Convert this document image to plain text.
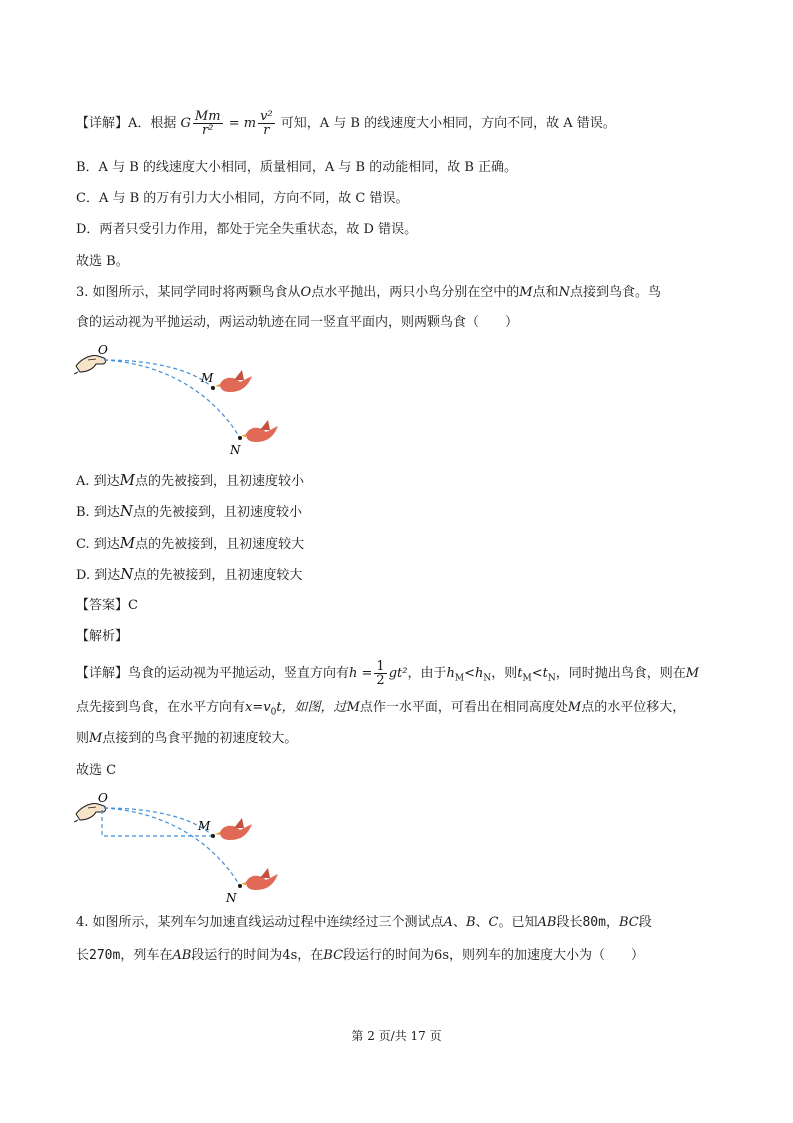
【详解】A．根据 G $\frac{Mm}{\text{r²}} = m \frac{\text{v²}}{r}$ 可知，A 与 B 的线速度大小相同，方向不同，故 A 错误。
B．A 与 B 的线速度大小相同，质量相同，A 与 B 的动能相同，故 B 正确。
C．A 与 B 的万有引力大小相同，方向不同，故 C 错误。
D．两者只受引力作用，都处于完全失重状态，故 D 错误。
故选 B。
3. 如图所示，某同学同时将两颗鸟食从O点水平抛出，两只小鸟分别在空中的M点和N点接到鸟食。鸟
食的运动视为平抛运动，两运动轨迹在同一竖直平面内，则两颗鸟食（　　）
O
M
N
A. 到达M点的先被接到，且初速度较小
B. 到达N点的先被接到，且初速度较小
C. 到达M点的先被接到，且初速度较大
D. 到达N点的先被接到，且初速度较大
【答案】C
【解析】
【详解】鸟食的运动视为平抛运动，竖直方向有$h = \frac{1}{2} gt^2$，由于$h_M<h_N$，则$t_M<t_N$，同时抛出鸟食，则在M
点先接到鸟食，在水平方向有$x=v_0t$，如图，过M点作一水平面，可看出在相同高度处M点的水平位移大，
则M点接到的鸟食平抛的初速度较大。
故选 C
O
M
N
4. 如图所示，某列车匀加速直线运动过程中连续经过三个测试点A、B、C。已知AB段长80m，BC段
长270m，列车在AB段运行的时间为4s，在BC段运行的时间为6s，则列车的加速度大小为（　　）
第 2 页/共 17 页
